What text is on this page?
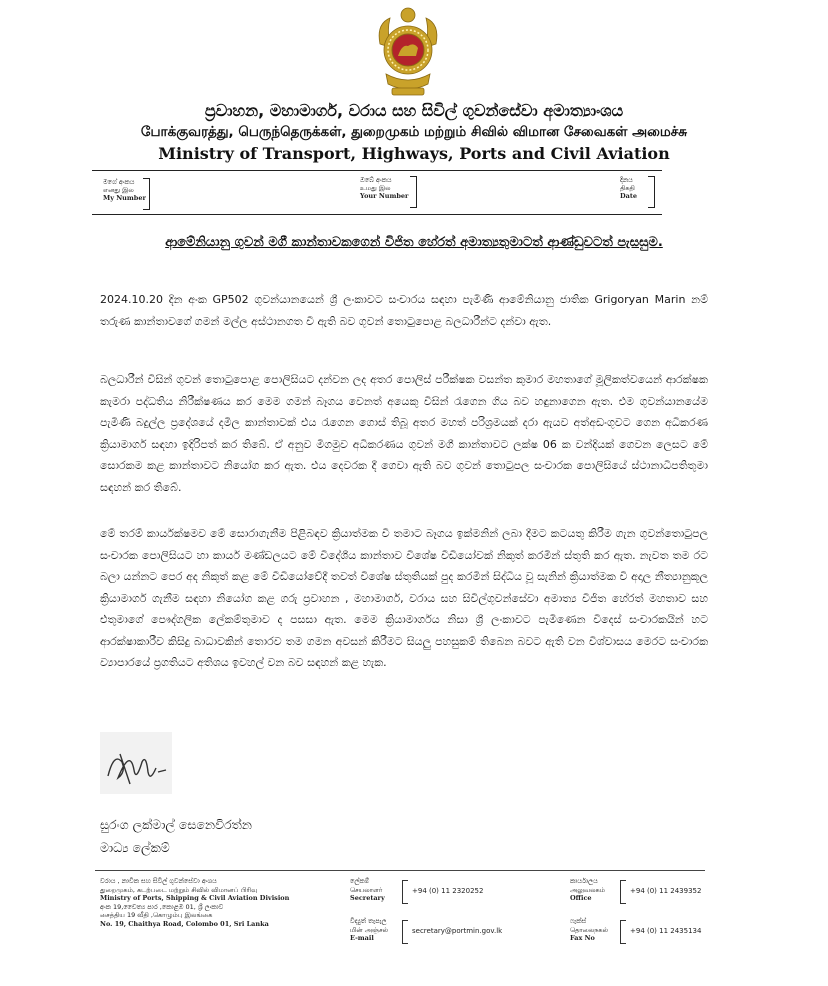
ප්‍රවාහන, මහාමාර්ග, වරාය සහ සිවිල් ගුවන්සේවා අමාත්‍යාංශය
போக்குவரத்து, பெருந்தெருக்கள், துறைமுகம் மற்றும் சிவில் விமான சேவைகள் அமைச்சு
Ministry of Transport, Highways, Ports and Civil Aviation
මගේ අංකය
எனது இல
My Number
ඔබේ අංකය
உமது இல
Your Number
දිනය
திகதி
Date
ආමේනියානු ගුවන් මගී කාන්තාවකගෙන් විජිත හේරත් අමාත්‍යතුමාටත් ආණ්ඩුවටත් පැසසුම.
2024.10.20 දින අංක GP502 ගුවන්යානයෙන් ශ්‍රී ලංකාවට සංචාරය සඳහා පැමිණි ආමේනියානු ජාතික Grigoryan Marin නම් තරුණ කාන්තාවගේ ගමන් මල්ල අස්ථානගත වී ඇති බව ගුවන් තොටුපොළ බලධාරීන්ට දන්වා ඇත.
බලධාරීන් විසින් ගුවන් තොටුපොළ පොලිසියට දන්වන ලද අතර පොලිස් පරීක්ෂක වසන්ත කුමාර මහතාගේ මූලිකත්වයෙන් ආරක්ෂක කැමරා පද්ධතිය නිරීක්ෂණය කර මෙම ගමන් බෑගය වෙනත් අයෙකු විසින් රැගෙන ගිය බව හඳුනාගෙන ඇත. එම ගුවන්යානයේම පැමිණි බදුල්ල ප්‍රදේශයේ දමිල කාන්තාවක් එය රැගෙන ගොස් තිබූ අතර මහත් පරිශ්‍රමයක් දරා ඇයව අත්අඩංගුවට ගෙන අධිකරණ ක්‍රියාමාර්ග සඳහා ඉදිරිපත් කර තිබේ. ඒ අනුව මීගමුව අධිකරණය ගුවන් මගී කාන්තාවට ලක්ෂ 06 ක වන්දියක් ගෙවන ලෙසට මේ සොරකම කළ කාන්තාවට නියෝග කර ඇත. එය දෙවරක දී ගෙවා ඇති බව ගුවන් තොටුපල සංචාරක පොලිසියේ ස්ථානාධිපතිතුමා සඳහන් කර තිබේ.
මේ තරම් කාර්යක්ෂමව මේ සොරාගැනීම පිළිබඳව ක්‍රියාත්මක වී තමාට බෑගය ඉක්මනින් ලබා දීමට කටයතු කිරීම ගැන ගුවන්තොටුපල සංචාරක පොලිසියට හා කාර්ය මණ්ඩලයට මේ විදේශීය කාන්තාව විශේෂ වීඩියෝවක් නිකුත් කරමින් ස්තුති කර ඇත. නැවත තම රට බලා යන්නට පෙර අද නිකුත් කළ මේ වීඩියෝවේදී තවත් විශේෂ ස්තුතියක් පුද කරමින් සිද්ධිය වූ සැනින් ක්‍රියාත්මක වී අදාල නීත්‍යානුකූල ක්‍රියාමාර්ග ගැනීම සඳහා නියෝග කළ ගරු ප්‍රවාහන , මහාමාර්ග, වරාය සහ සිවිල්ගුවන්සේවා අමාත්‍ය විජිත හේරත් මහතාව සහ එතුමාගේ පෞද්ගලික ලේකම්තුමාව ද පසසා ඇත. මෙම ක්‍රියාමාර්ගය නිසා ශ්‍රී ලංකාවට පැමිණෙන විදෙස් සංචාරකයින් හට ආරක්ෂාකාරීව කිසිදු බාධාවකින් තොරව තම ගමන අවසන් කිරීමට සියලු පහසුකම් තිබෙන බවට ඇති වන විශ්වාසය මෙරට සංචාරක ව්‍යාපාරයේ ප්‍රගතියට අතිශය ඉවහල් වන බව සඳහන් කළ හැක.
සුරංග ලක්මාල් සෙනෙවිරත්න
මාධ්‍ය ලේකම්
වරාය , නාවික සහ සිවිල් ගුවන්සේවා අංශය
துறைமுகம், கடற்படை மற்றும் சிவில் விமானப் பிரிவு
Ministry of Ports, Shipping & Civil Aviation Division
අංක 19,චෛත්‍ය පාර ,කොළඹ 01, ශ්‍රී ලංකාව
சைத்திய 19 வீதி ,கொழும்பு இலங்கை
No. 19, Chaithya Road, Colombo 01, Sri Lanka
ලේකම්
செயலாளர்
Secretary
+94 (0) 11 2320252
විද්‍යුත් තැපැල
மின் அஞ்சல்
E-mail
secretary@portmin.gov.lk
කාර්යාලය
அலுவலகம்
Office
+94 (0) 11 2439352
ෆැක්ස්
தொலைநகல்
Fax No
+94 (0) 11 2435134
